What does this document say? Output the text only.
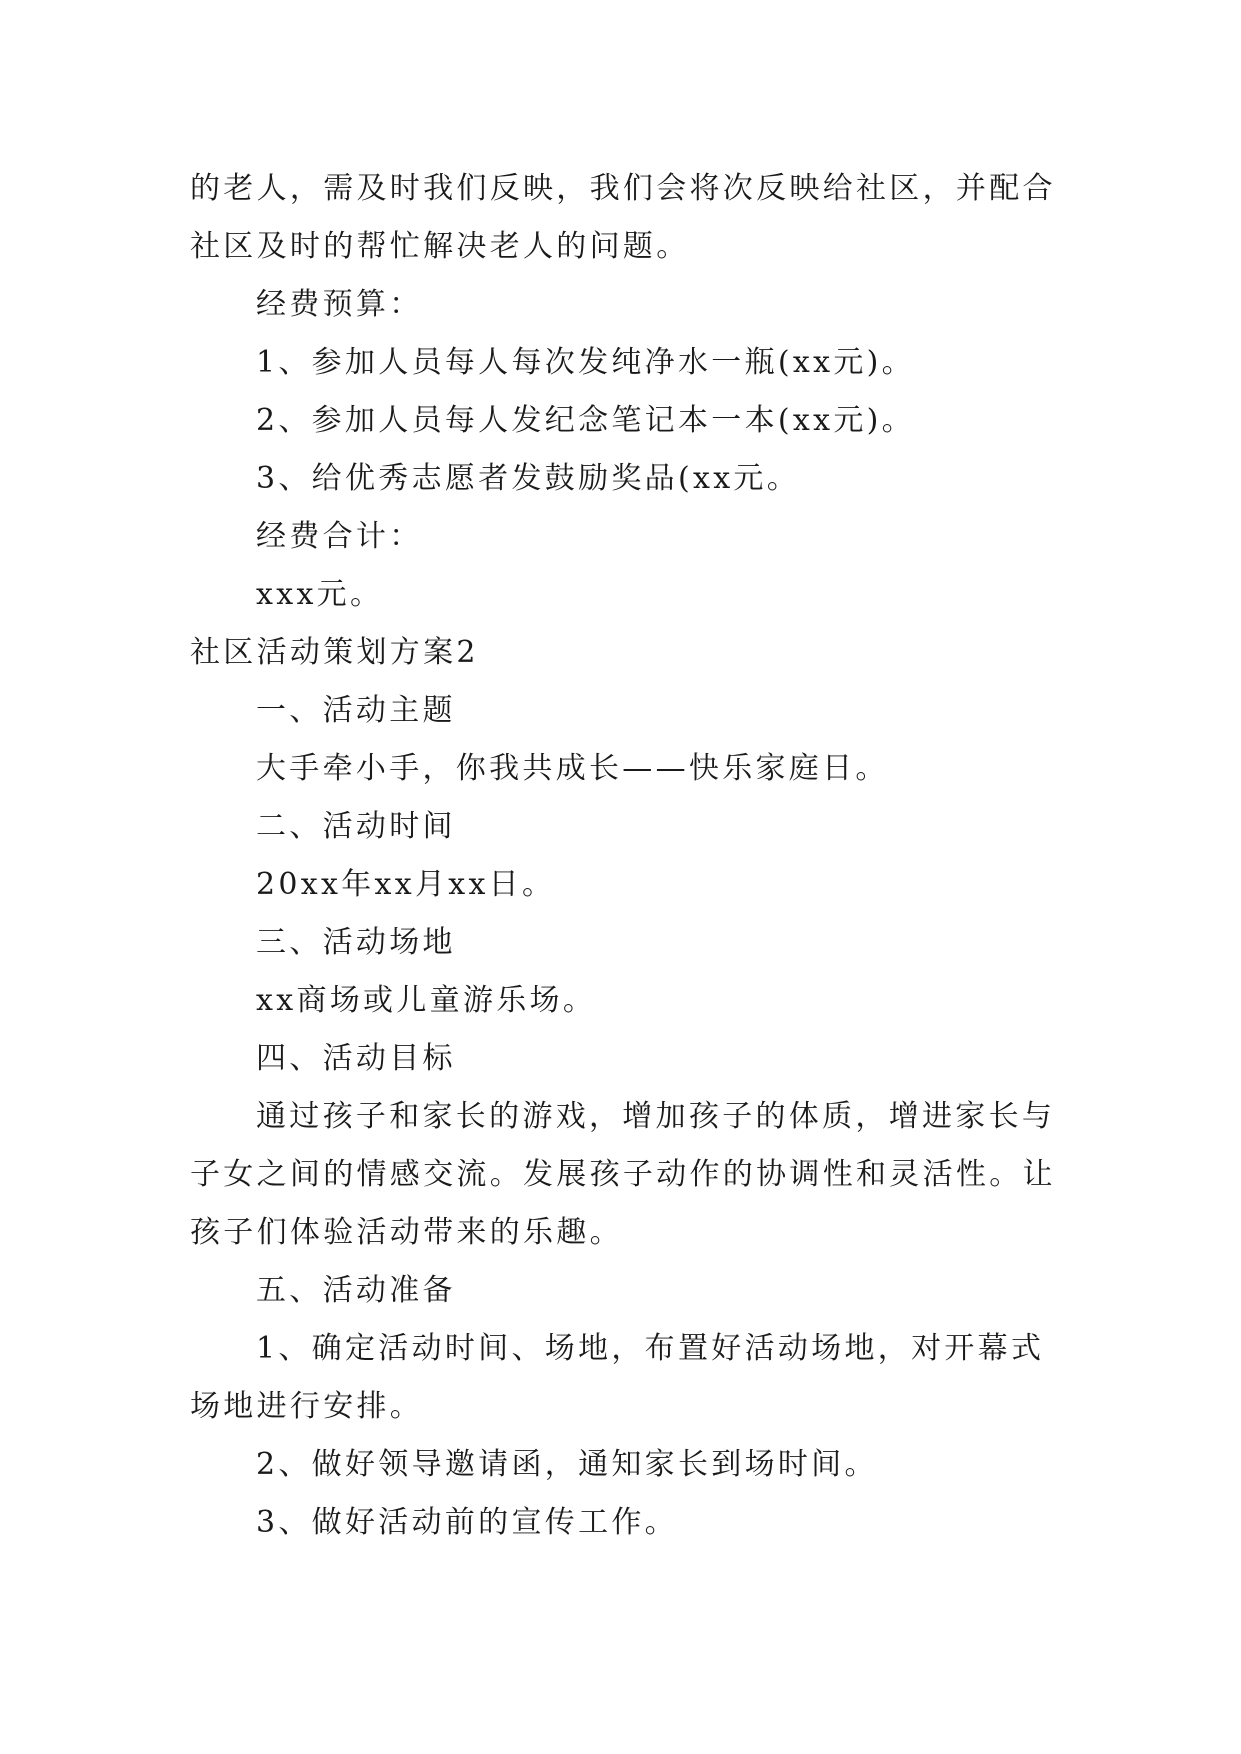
的老人，需及时我们反映，我们会将次反映给社区，并配合社区及时的帮忙解决老人的问题。

经费预算：

1、参加人员每人每次发纯净水一瓶(xx元)。

2、参加人员每人发纪念笔记本一本(xx元)。

3、给优秀志愿者发鼓励奖品(xx元。

经费合计：

xxx元。

社区活动策划方案2

一、活动主题

大手牵小手，你我共成长——快乐家庭日。

二、活动时间

20xx年xx月xx日。

三、活动场地

xx商场或儿童游乐场。

四、活动目标

通过孩子和家长的游戏，增加孩子的体质，增进家长与子女之间的情感交流。发展孩子动作的协调性和灵活性。让孩子们体验活动带来的乐趣。

五、活动准备

1、确定活动时间、场地，布置好活动场地，对开幕式场地进行安排。

2、做好领导邀请函，通知家长到场时间。

3、做好活动前的宣传工作。
